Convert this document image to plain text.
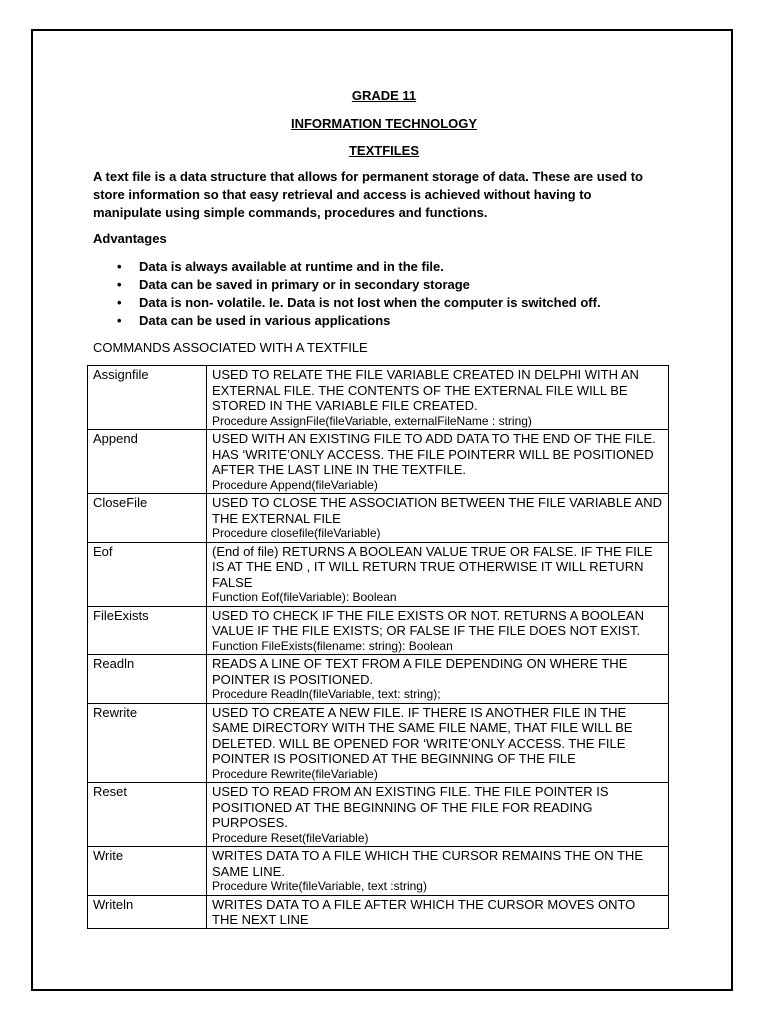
GRADE 11
INFORMATION TECHNOLOGY
TEXTFILES
A text file is a data structure that allows for permanent storage of data. These are used to store information so that easy retrieval and access is achieved without having to manipulate using simple commands, procedures and functions.
Advantages
• Data is always available at runtime and in the file.
• Data can be saved in primary or in secondary storage
• Data is non- volatile. Ie. Data is not lost when the computer is switched off.
• Data can be used in various applications
COMMANDS ASSOCIATED WITH A TEXTFILE
Assignfile	USED TO RELATE THE FILE VARIABLE CREATED IN DELPHI WITH AN EXTERNAL FILE. THE CONTENTS OF THE EXTERNAL FILE WILL BE STORED IN THE VARIABLE FILE CREATED.
Procedure AssignFile(fileVariable, externalFileName : string)

Append	USED WITH AN EXISTING FILE TO ADD DATA TO THE END OF THE FILE. HAS ‘WRITE’ONLY ACCESS. THE FILE POINTERR WILL BE POSITIONED AFTER THE LAST LINE IN THE TEXTFILE.
Procedure Append(fileVariable)

CloseFile	USED TO CLOSE THE ASSOCIATION BETWEEN THE FILE VARIABLE AND THE EXTERNAL FILE
Procedure closefile(fileVariable)

Eof	(End of file) RETURNS A BOOLEAN VALUE TRUE OR FALSE. IF THE FILE IS AT THE END , IT WILL RETURN TRUE OTHERWISE IT WILL RETURN FALSE
Function Eof(fileVariable): Boolean

FileExists	USED TO CHECK IF THE FILE EXISTS OR NOT. RETURNS A BOOLEAN VALUE IF THE FILE EXISTS; OR FALSE IF THE FILE DOES NOT EXIST.
Function FileExists(filename: string): Boolean

Readln	READS A LINE OF TEXT FROM A FILE DEPENDING ON WHERE THE POINTER IS POSITIONED.
Procedure Readln(fileVariable, text: string);

Rewrite	USED TO CREATE A NEW FILE. IF THERE IS ANOTHER FILE IN THE SAME DIRECTORY WITH THE SAME FILE NAME, THAT FILE WILL BE DELETED. WILL BE OPENED FOR ‘WRITE’ONLY ACCESS. THE FILE POINTER IS POSITIONED AT THE BEGINNING OF THE FILE
Procedure Rewrite(fileVariable)

Reset	USED TO READ FROM AN EXISTING FILE. THE FILE POINTER IS POSITIONED AT THE BEGINNING OF THE FILE FOR READING PURPOSES.
Procedure Reset(fileVariable)

Write	WRITES DATA TO A FILE WHICH THE CURSOR REMAINS THE ON THE SAME LINE.
Procedure Write(fileVariable, text :string)

Writeln	WRITES DATA TO A FILE AFTER WHICH THE CURSOR MOVES ONTO THE NEXT LINE
